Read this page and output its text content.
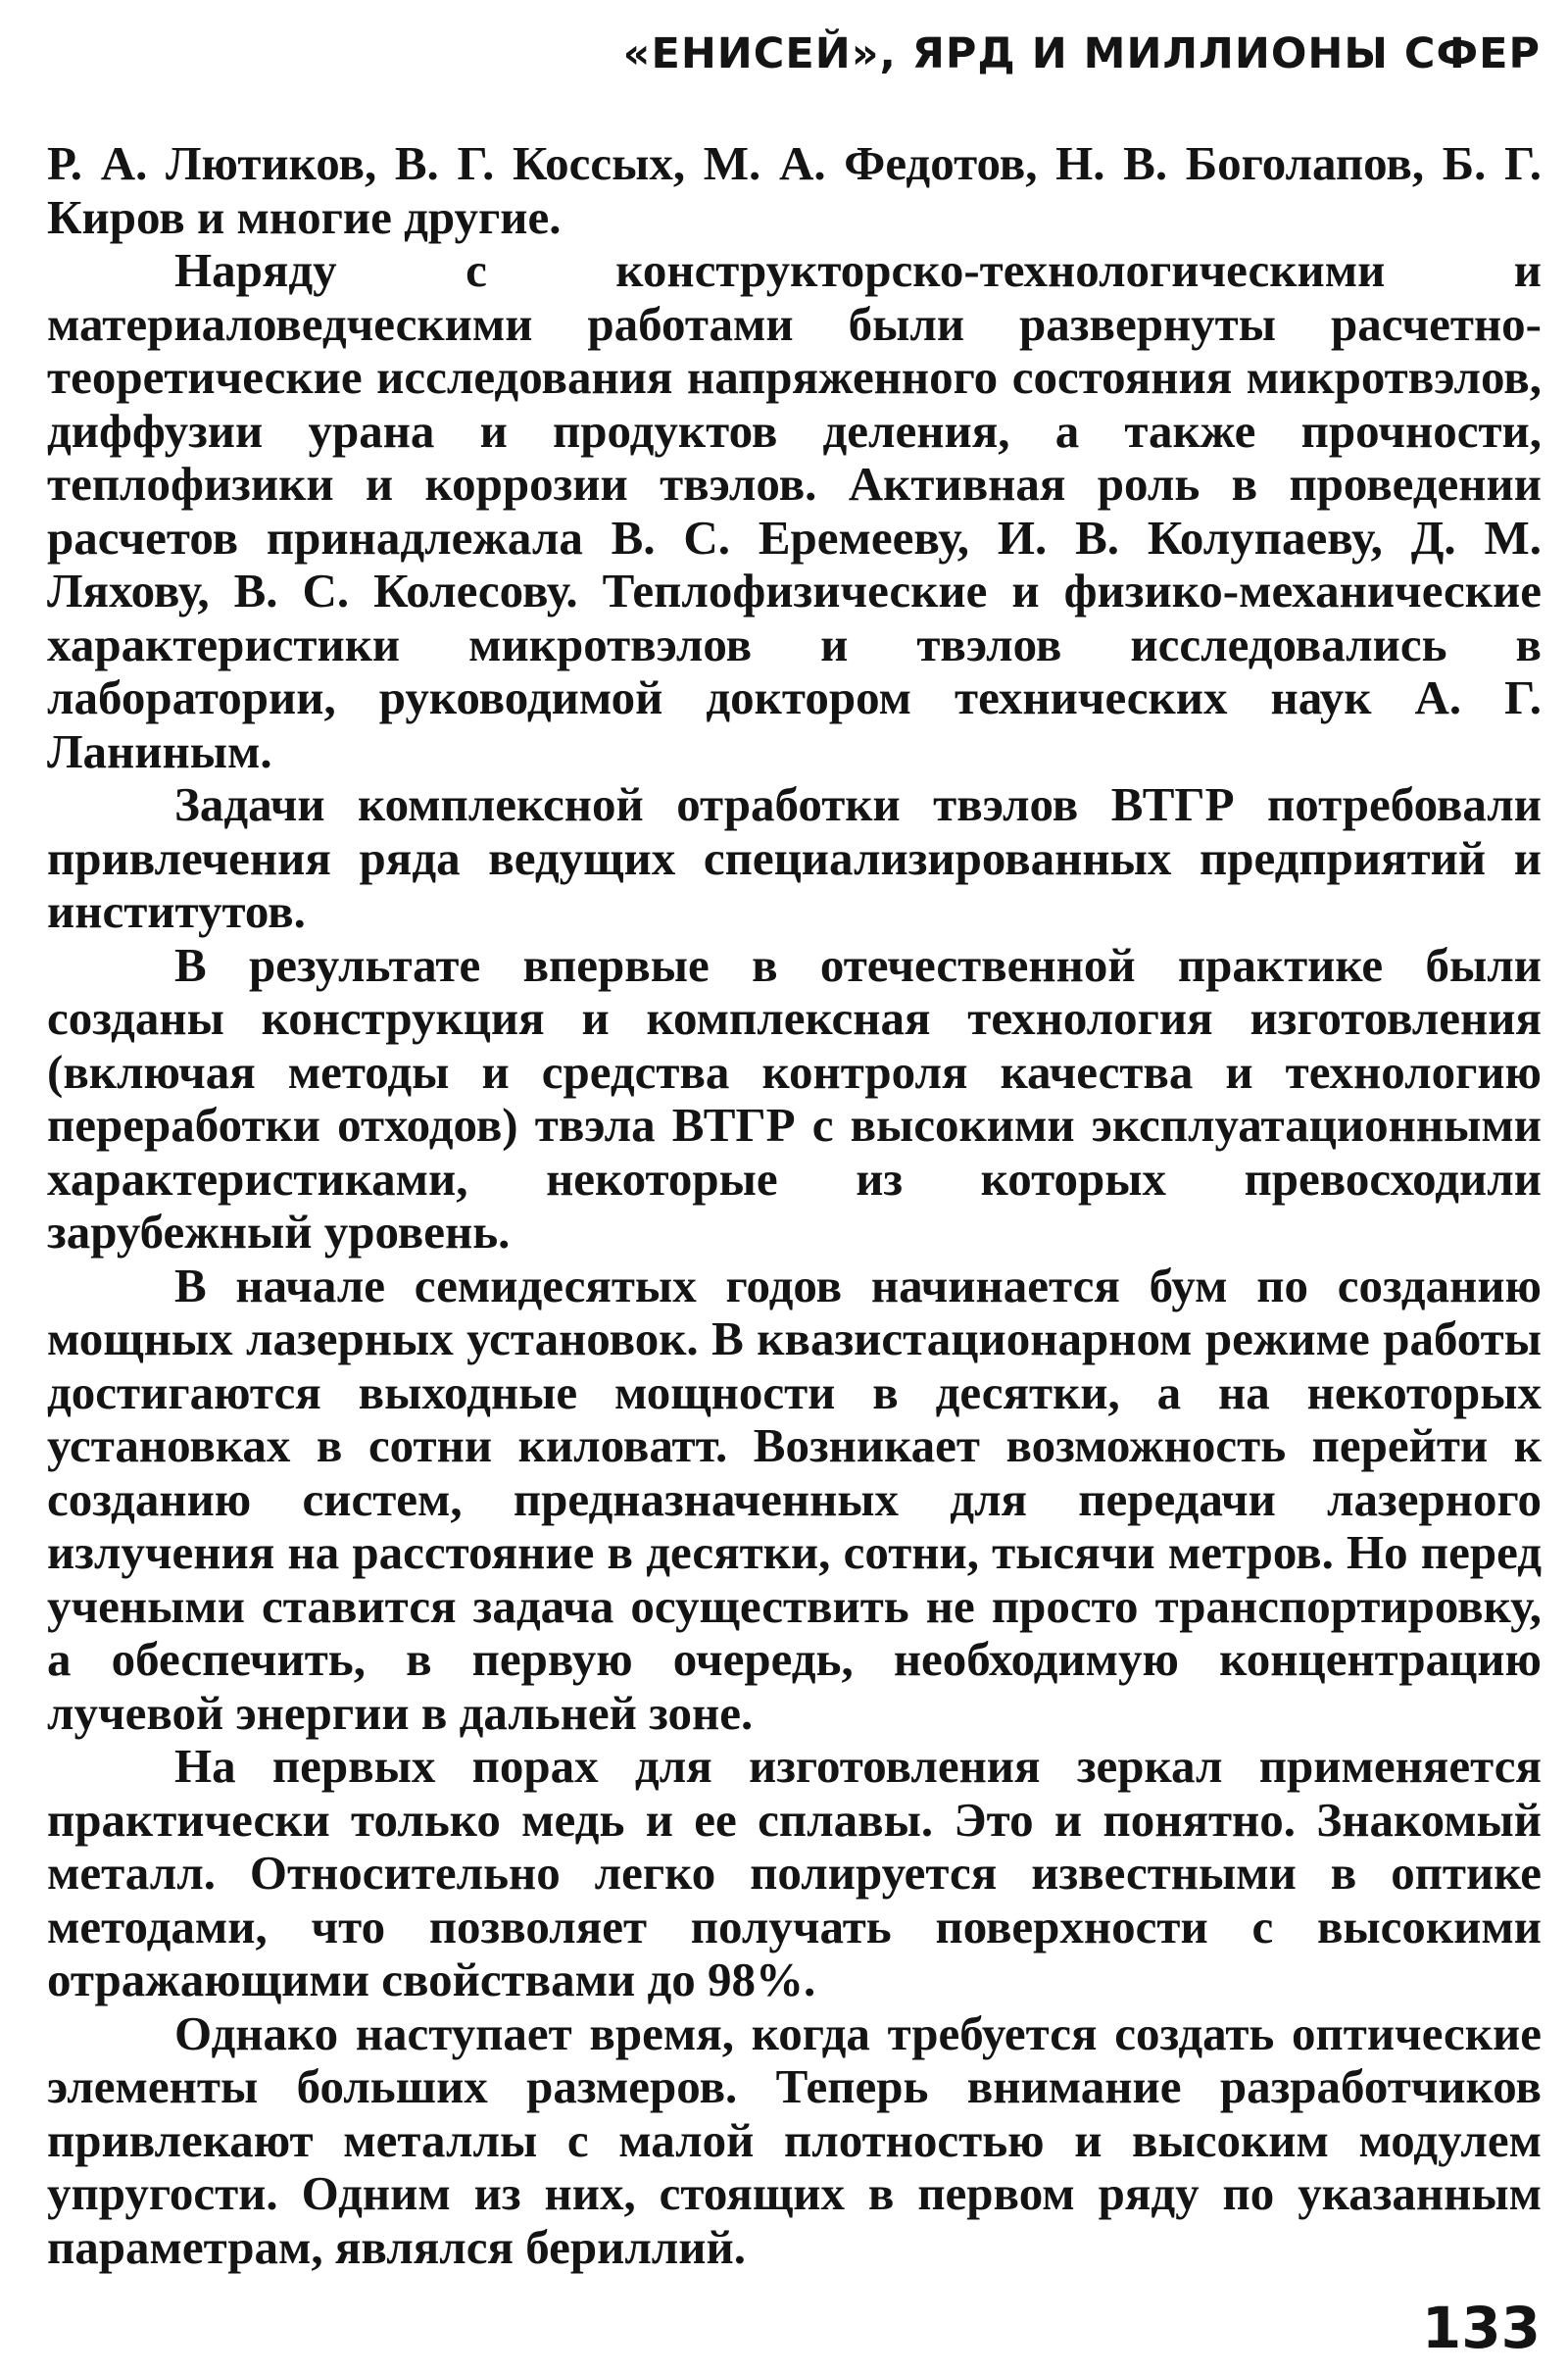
«ЕНИСЕЙ», ЯРД И МИЛЛИОНЫ СФЕР

Р. А. Лютиков, В. Г. Коссых, М. А. Федотов, Н. В. Боголапов, Б. Г. Киров и многие другие.

Наряду с конструкторско-технологическими и материаловедческими работами были развернуты расчетно-теоретические исследования напряженного состояния микротвэлов, диффузии урана и продуктов деления, а также прочности, теплофизики и коррозии твэлов. Активная роль в проведении расчетов принадлежала В. С. Еремееву, И. В. Колупаеву, Д. М. Ляхову, В. С. Колесову. Теплофизические и физико-механические характеристики микротвэлов и твэлов исследовались в лаборатории, руководимой доктором технических наук А. Г. Ланиным.

Задачи комплексной отработки твэлов ВТГР потребовали привлечения ряда ведущих специализированных предприятий и институтов.

В результате впервые в отечественной практике были созданы конструкция и комплексная технология изготовления (включая методы и средства контроля качества и технологию переработки отходов) твэла ВТГР с высокими эксплуатационными характеристиками, некоторые из которых превосходили зарубежный уровень.

В начале семидесятых годов начинается бум по созданию мощных лазерных установок. В квазистационарном режиме работы достигаются выходные мощности в десятки, а на некоторых установках в сотни киловатт. Возникает возможность перейти к созданию систем, предназначенных для передачи лазерного излучения на расстояние в десятки, сотни, тысячи метров. Но перед учеными ставится задача осуществить не просто транспортировку, а обеспечить, в первую очередь, необходимую концентрацию лучевой энергии в дальней зоне.

На первых порах для изготовления зеркал применяется практически только медь и ее сплавы. Это и понятно. Знакомый металл. Относительно легко полируется известными в оптике методами, что позволяет получать поверхности с высокими отражающими свойствами до 98%.

Однако наступает время, когда требуется создать оптические элементы больших размеров. Теперь внимание разработчиков привлекают металлы с малой плотностью и высоким модулем упругости. Одним из них, стоящих в первом ряду по указанным параметрам, являлся бериллий.

133
